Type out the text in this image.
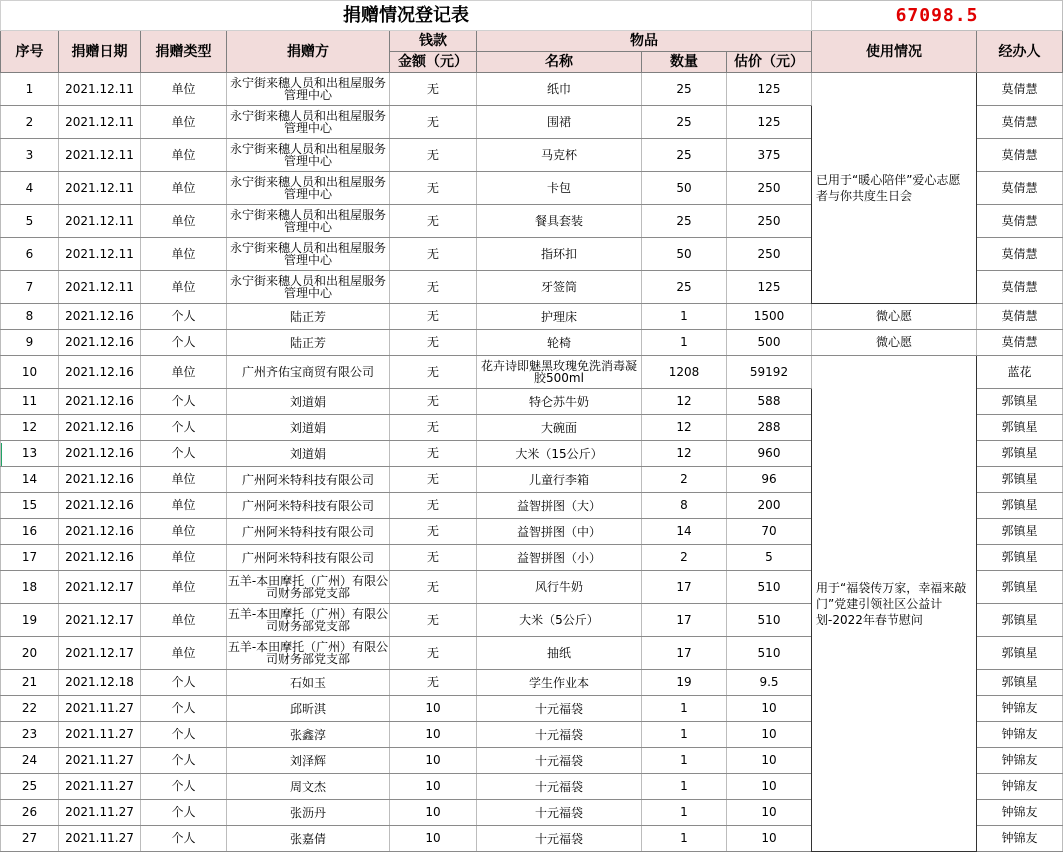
捐赠情况登记表								67098.5	
序号	捐赠日期	捐赠类型	捐赠方	钱款	物品			使用情况	经办人
				金额（元）	名称	数量	估价（元）		
1	2021.12.11	单位	永宁街来穗人员和出租屋服务管理中心	无	纸巾	25	125	已用于“暖心陪伴”爱心志愿者与你共度生日会	莫倩慧
2	2021.12.11	单位	永宁街来穗人员和出租屋服务管理中心	无	围裙	25	125		莫倩慧
3	2021.12.11	单位	永宁街来穗人员和出租屋服务管理中心	无	马克杯	25	375		莫倩慧
4	2021.12.11	单位	永宁街来穗人员和出租屋服务管理中心	无	卡包	50	250		莫倩慧
5	2021.12.11	单位	永宁街来穗人员和出租屋服务管理中心	无	餐具套装	25	250		莫倩慧
6	2021.12.11	单位	永宁街来穗人员和出租屋服务管理中心	无	指环扣	50	250		莫倩慧
7	2021.12.11	单位	永宁街来穗人员和出租屋服务管理中心	无	牙签筒	25	125		莫倩慧
8	2021.12.16	个人	陆正芳	无	护理床	1	1500	微心愿	莫倩慧
9	2021.12.16	个人	陆正芳	无	轮椅	1	500	微心愿	莫倩慧
10	2021.12.16	单位	广州齐佑宝商贸有限公司	无	花卉诗即魅黑玫瑰免洗消毒凝胶500ml	1208	59192	用于“福袋传万家，幸福来敲门”党建引领社区公益计划-2022年春节慰问	蓝花
11	2021.12.16	个人	刘道娟	无	特仑苏牛奶	12	588		郭镇星
12	2021.12.16	个人	刘道娟	无	大碗面	12	288		郭镇星
13	2021.12.16	个人	刘道娟	无	大米（15公斤）	12	960		郭镇星
14	2021.12.16	单位	广州阿米特科技有限公司	无	儿童行李箱	2	96		郭镇星
15	2021.12.16	单位	广州阿米特科技有限公司	无	益智拼图（大）	8	200		郭镇星
16	2021.12.16	单位	广州阿米特科技有限公司	无	益智拼图（中）	14	70		郭镇星
17	2021.12.16	单位	广州阿米特科技有限公司	无	益智拼图（小）	2	5		郭镇星
18	2021.12.17	单位	五羊-本田摩托（广州）有限公司财务部党支部	无	风行牛奶	17	510		郭镇星
19	2021.12.17	单位	五羊-本田摩托（广州）有限公司财务部党支部	无	大米（5公斤）	17	510		郭镇星
20	2021.12.17	单位	五羊-本田摩托（广州）有限公司财务部党支部	无	抽纸	17	510		郭镇星
21	2021.12.18	个人	石如玉	无	学生作业本	19	9.5		郭镇星
22	2021.11.27	个人	邱昕淇	10	十元福袋	1	10		钟锦友
23	2021.11.27	个人	张鑫淳	10	十元福袋	1	10		钟锦友
24	2021.11.27	个人	刘泽辉	10	十元福袋	1	10		钟锦友
25	2021.11.27	个人	周文杰	10	十元福袋	1	10		钟锦友
26	2021.11.27	个人	张沥丹	10	十元福袋	1	10		钟锦友
27	2021.11.27	个人	张嘉倩	10	十元福袋	1	10		钟锦友
